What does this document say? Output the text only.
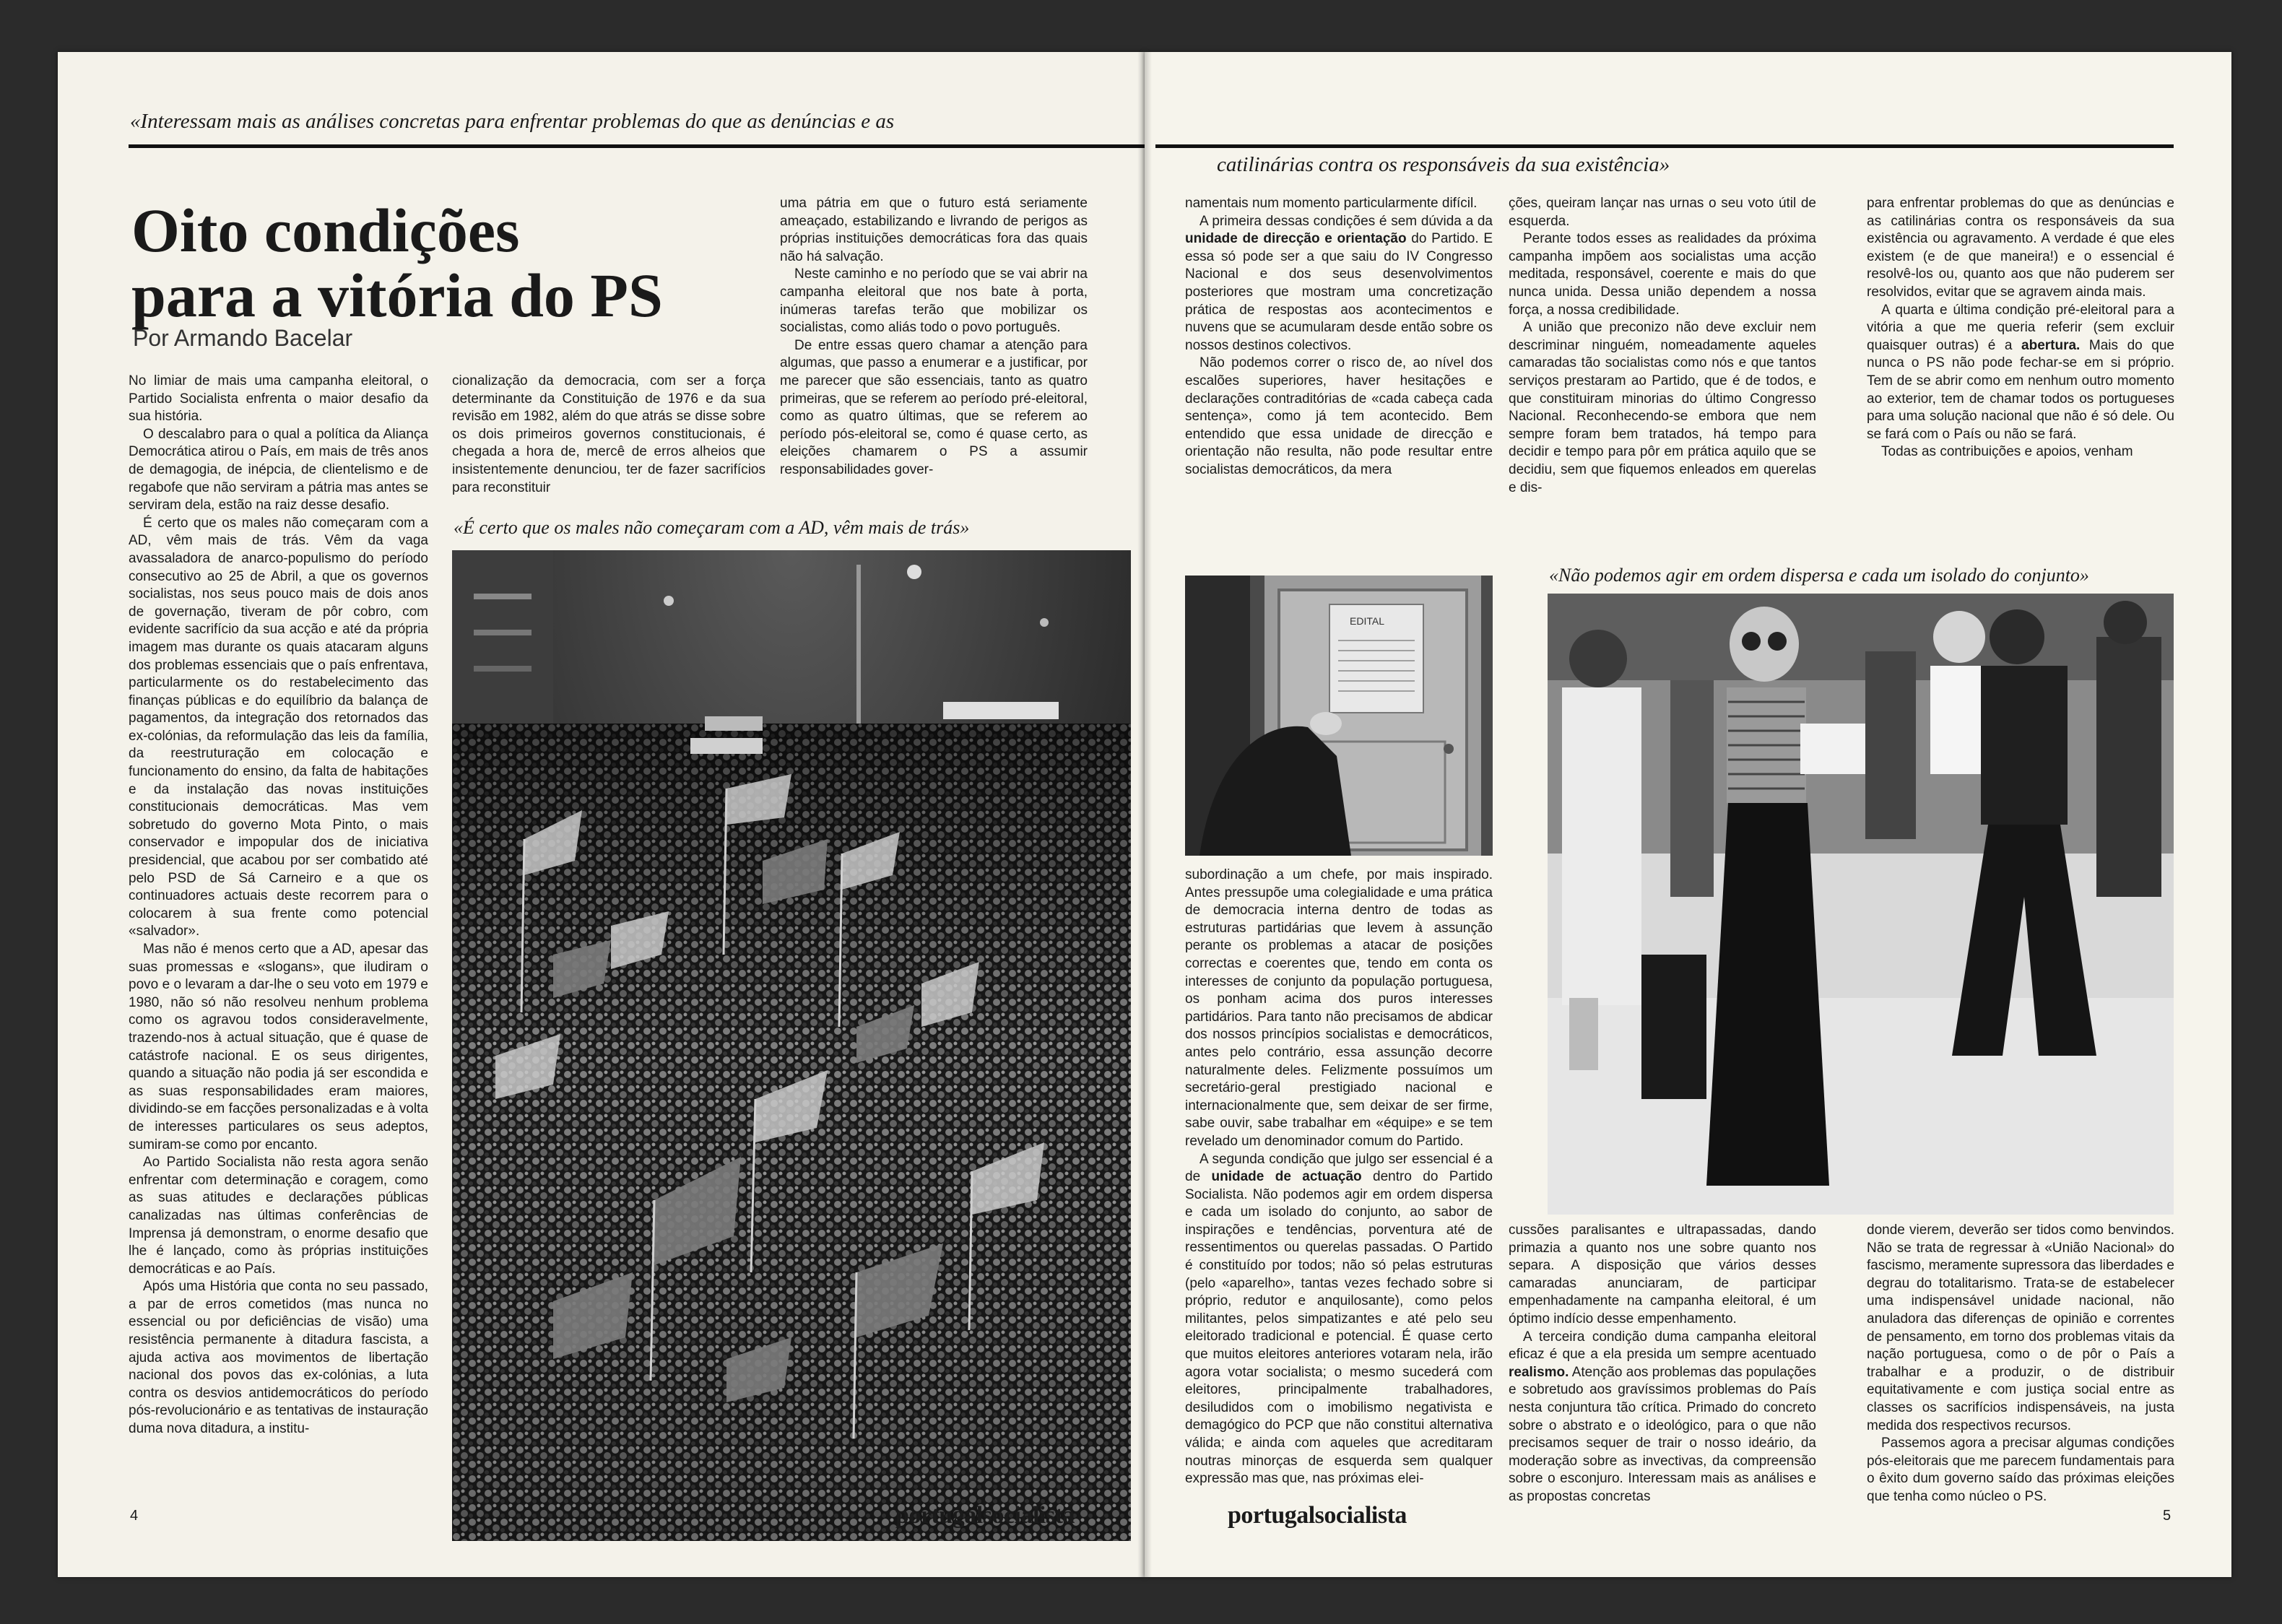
«Interessam mais as análises concretas para enfrentar problemas do que as denúncias e as
Oito condições
para a vitória do PS
Por Armando Bacelar

No limiar de mais uma campanha eleitoral, o Partido Socialista enfrenta o maior desafio da sua história.

O descalabro para o qual a política da Aliança Democrática atirou o País, em mais de três anos de demagogia, de inépcia, de clientelismo e de regabofe que não serviram a pátria mas antes se serviram dela, estão na raiz desse desafio.

É certo que os males não começaram com a AD, vêm mais de trás. Vêm da vaga avassaladora de anarco-populismo do período consecutivo ao 25 de Abril, a que os governos socialistas, nos seus pouco mais de dois anos de governação, tiveram de pôr cobro, com evidente sacrifício da sua acção e até da própria imagem mas durante os quais atacaram alguns dos problemas essenciais que o país enfrentava, particularmente os do restabelecimento das finanças públicas e do equilíbrio da balança de pagamentos, da integração dos retornados das ex-colónias, da reformulação das leis da família, da reestruturação em colocação e funcionamento do ensino, da falta de habitações e da instalação das novas instituições constitucionais democráticas. Mas vem sobretudo do governo Mota Pinto, o mais conservador e impopular dos de iniciativa presidencial, que acabou por ser combatido até pelo PSD de Sá Carneiro e a que os continuadores actuais deste recorrem para o colocarem à sua frente como potencial «salvador».

Mas não é menos certo que a AD, apesar das suas promessas e «slogans», que iludiram o povo e o levaram a dar-lhe o seu voto em 1979 e 1980, não só não resolveu nenhum problema como os agravou todos consideravelmente, trazendo-nos à actual situação, que é quase de catástrofe nacional. E os seus dirigentes, quando a situação não podia já ser escondida e as suas responsabilidades eram maiores, dividindo-se em facções personalizadas e à volta de interesses particulares os seus adeptos, sumiram-se como por encanto.

Ao Partido Socialista não resta agora senão enfrentar com determinação e coragem, como as suas atitudes e declarações públicas canalizadas nas últimas conferências de Imprensa já demonstram, o enorme desafio que lhe é lançado, como às próprias instituições democráticas e ao País.

Após uma História que conta no seu passado, a par de erros cometidos (mas nunca no essencial ou por deficiências de visão) uma resistência permanente à ditadura fascista, a ajuda activa aos movimentos de libertação nacional dos povos das ex-colónias, a luta contra os desvios antidemocráticos do período pós-revolucionário e as tentativas de instauração duma nova ditadura, a institu-

cionalização da democracia, com ser a força determinante da Constituição de 1976 e da sua revisão em 1982, além do que atrás se disse sobre os dois primeiros governos constitucionais, é chegada a hora de, mercê de erros alheios que insistentemente denunciou, ter de fazer sacrifícios para reconstituir

uma pátria em que o futuro está seriamente ameaçado, estabilizando e livrando de perigos as próprias instituições democráticas fora das quais não há salvação.

Neste caminho e no período que se vai abrir na campanha eleitoral que nos bate à porta, inúmeras tarefas terão que mobilizar os socialistas, como aliás todo o povo português.

De entre essas quero chamar a atenção para algumas, que passo a enumerar e a justificar, por me parecer que são essenciais, tanto as quatro primeiras, que se referem ao período pré-eleitoral, como as quatro últimas, que se referem ao período pós-eleitoral se, como é quase certo, as eleições chamarem o PS a assumir responsabilidades gover-

«É certo que os males não começaram com a AD, vêm mais de trás»
4	portugalsocialista
catilinárias contra os responsáveis da sua existência»

namentais num momento particularmente difícil.

A primeira dessas condições é sem dúvida a da unidade de direcção e orientação do Partido. E essa só pode ser a que saiu do IV Congresso Nacional e dos seus desenvolvimentos posteriores que mostram uma concretização prática de respostas aos acontecimentos e nuvens que se acumularam desde então sobre os nossos destinos colectivos.

Não podemos correr o risco de, ao nível dos escalões superiores, haver hesitações e declarações contraditórias de «cada cabeça cada sentença», como já tem acontecido. Bem entendido que essa unidade de direcção e orientação não resulta, não pode resultar entre socialistas democráticos, da mera

ções, queiram lançar nas urnas o seu voto útil de esquerda.

Perante todos esses as realidades da próxima campanha impõem aos socialistas uma acção meditada, responsável, coerente e mais do que nunca unida. Dessa união dependem a nossa força, a nossa credibilidade.

A união que preconizo não deve excluir nem descriminar ninguém, nomeadamente aqueles camaradas tão socialistas como nós e que tantos serviços prestaram ao Partido, que é de todos, e que constituiram minorias do último Congresso Nacional. Reconhecendo-se embora que nem sempre foram bem tratados, há tempo para decidir e tempo para pôr em prática aquilo que se decidiu, sem que fiquemos enleados em querelas e dis-

para enfrentar problemas do que as denúncias e as catilinárias contra os responsáveis da sua existência ou agravamento. A verdade é que eles existem (e de que maneira!) e o essencial é resolvê-los ou, quanto aos que não puderem ser resolvidos, evitar que se agravem ainda mais.

A quarta e última condição pré-eleitoral para a vitória a que me queria referir (sem excluir quaisquer outras) é a abertura. Mais do que nunca o PS não pode fechar-se em si próprio. Tem de se abrir como em nenhum outro momento ao exterior, tem de chamar todos os portugueses para uma solução nacional que não é só dele. Ou se fará com o País ou não se fará.

Todas as contribuições e apoios, venham

«Não podemos agir em ordem dispersa e cada um isolado do conjunto»
EDITAL

subordinação a um chefe, por mais inspirado. Antes pressupõe uma colegialidade e uma prática de democracia interna dentro de todas as estruturas partidárias que levem à assunção perante os problemas a atacar de posições correctas e coerentes que, tendo em conta os interesses de conjunto da população portuguesa, os ponham acima dos puros interesses partidários. Para tanto não precisamos de abdicar dos nossos princípios socialistas e democráticos, antes pelo contrário, essa assunção decorre naturalmente deles. Felizmente possuímos um secretário-geral prestigiado nacional e internacionalmente que, sem deixar de ser firme, sabe ouvir, sabe trabalhar em «équipe» e se tem revelado um denominador comum do Partido.

A segunda condição que julgo ser essencial é a de unidade de actuação dentro do Partido Socialista. Não podemos agir em ordem dispersa e cada um isolado do conjunto, ao sabor de inspirações e tendências, porventura até de ressentimentos ou querelas passadas. O Partido é constituído por todos; não só pelas estruturas (pelo «aparelho», tantas vezes fechado sobre si próprio, redutor e anquilosante), como pelos militantes, pelos simpatizantes e até pelo seu eleitorado tradicional e potencial. É quase certo que muitos eleitores anteriores votaram nela, irão agora votar socialista; o mesmo sucederá com eleitores, principalmente trabalhadores, desiludidos com o imobilismo negativista e demagógico do PCP que não constitui alternativa válida; e ainda com aqueles que acreditaram noutras minorças de esquerda sem qualquer expressão mas que, nas próximas elei-

cussões paralisantes e ultrapassadas, dando primazia a quanto nos une sobre quanto nos separa. A disposição que vários desses camaradas anunciaram, de participar empenhadamente na campanha eleitoral, é um óptimo indício desse empenhamento.

A terceira condição duma campanha eleitoral eficaz é que a ela presida um sempre acentuado realismo. Atenção aos problemas das populações e sobretudo aos gravíssimos problemas do País nesta conjuntura tão crítica. Primado do concreto sobre o abstrato e o ideológico, para o que não precisamos sequer de trair o nosso ideário, da moderação sobre as invectivas, da compreensão sobre o esconjuro. Interessam mais as análises e as propostas concretas

donde vierem, deverão ser tidos como benvindos. Não se trata de regressar à «União Nacional» do fascismo, meramente supressora das liberdades e degrau do totalitarismo. Trata-se de estabelecer uma indispensável unidade nacional, não anuladora das diferenças de opinião e correntes de pensamento, em torno dos problemas vitais da nação portuguesa, como o de pôr o País a trabalhar e a produzir, o de distribuir equitativamente e com justiça social entre as classes os sacrifícios indispensáveis, na justa medida dos respectivos recursos.

Passemos agora a precisar algumas condições pós-eleitorais que me parecem fundamentais para o êxito dum governo saído das próximas eleições que tenha como núcleo o PS.

portugalsocialista	5
